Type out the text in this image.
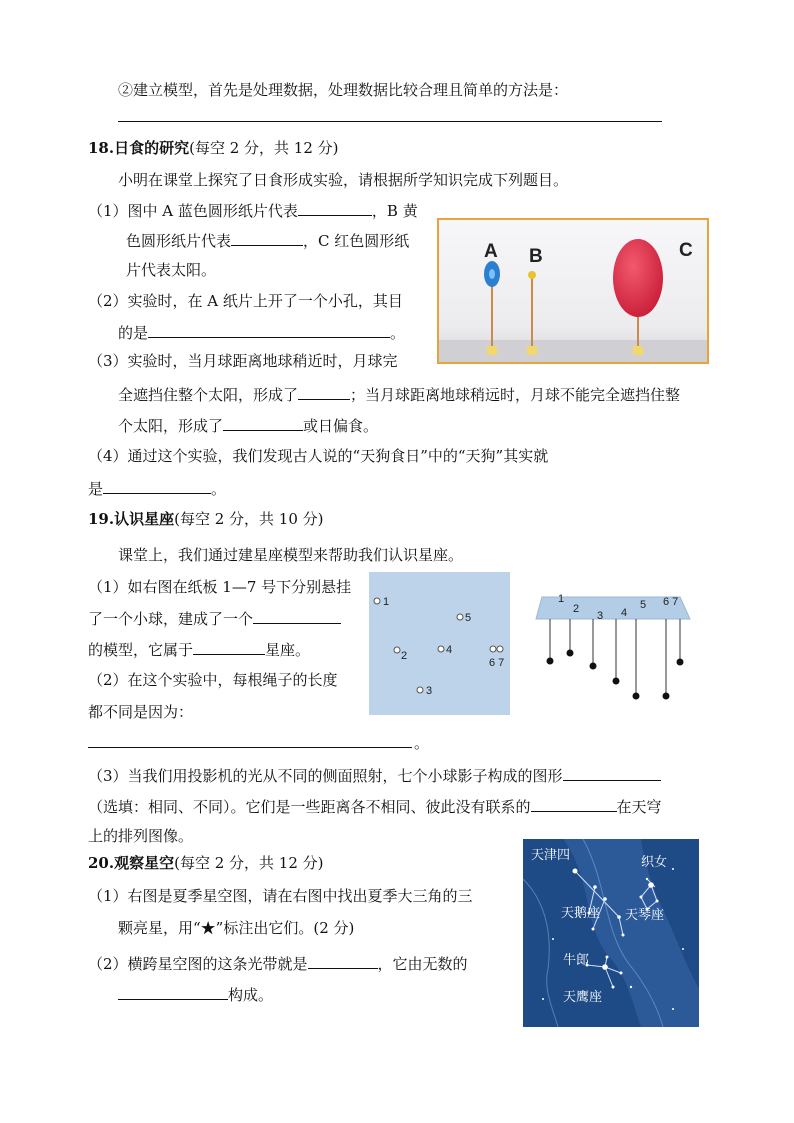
②建立模型，首先是处理数据，处理数据比较合理且简单的方法是：
18.日食的研究(每空 2 分，共 12 分)
小明在课堂上探究了日食形成实验，请根据所学知识完成下列题目。
（1）图中 A 蓝色圆形纸片代表	，B 黄
色圆形纸片代表	，C 红色圆形纸
片代表太阳。
（2）实验时，在 A 纸片上开了一个小孔，其目
的是	。
A B	C
（3）实验时，当月球距离地球稍近时，月球完
全遮挡住整个太阳，形成了	；当月球距离地球稍远时，月球不能完全遮挡住整
个太阳，形成了	或日偏食。
（4）通过这个实验，我们发现古人说的“天狗食日”中的“天狗”其实就
是	。
19.认识星座(每空 2 分，共 10 分)
课堂上，我们通过建星座模型来帮助我们认识星座。
（1）如右图在纸板 1—7 号下分别悬挂
了一个小球，建成了一个
的模型，它属于	星座。
（2）在这个实验中，每根绳子的长度
都不同是因为：
1
2
3
4
5
6 7
1
2
3 4
5 6 7
。
（3）当我们用投影机的光从不同的侧面照射，七个小球影子构成的图形
（选填：相同、不同）。它们是一些距离各不相同、彼此没有联系的	在天穹
上的排列图像。
20.观察星空(每空 2 分，共 12 分)
（1）右图是夏季星空图，请在右图中找出夏季大三角的三
颗亮星，用“★”标注出它们。(2 分)
（2）横跨星空图的这条光带就是	，它由无数的
构成。
天津四	织女
天鹅座 天琴座
牛郎
天鹰座
